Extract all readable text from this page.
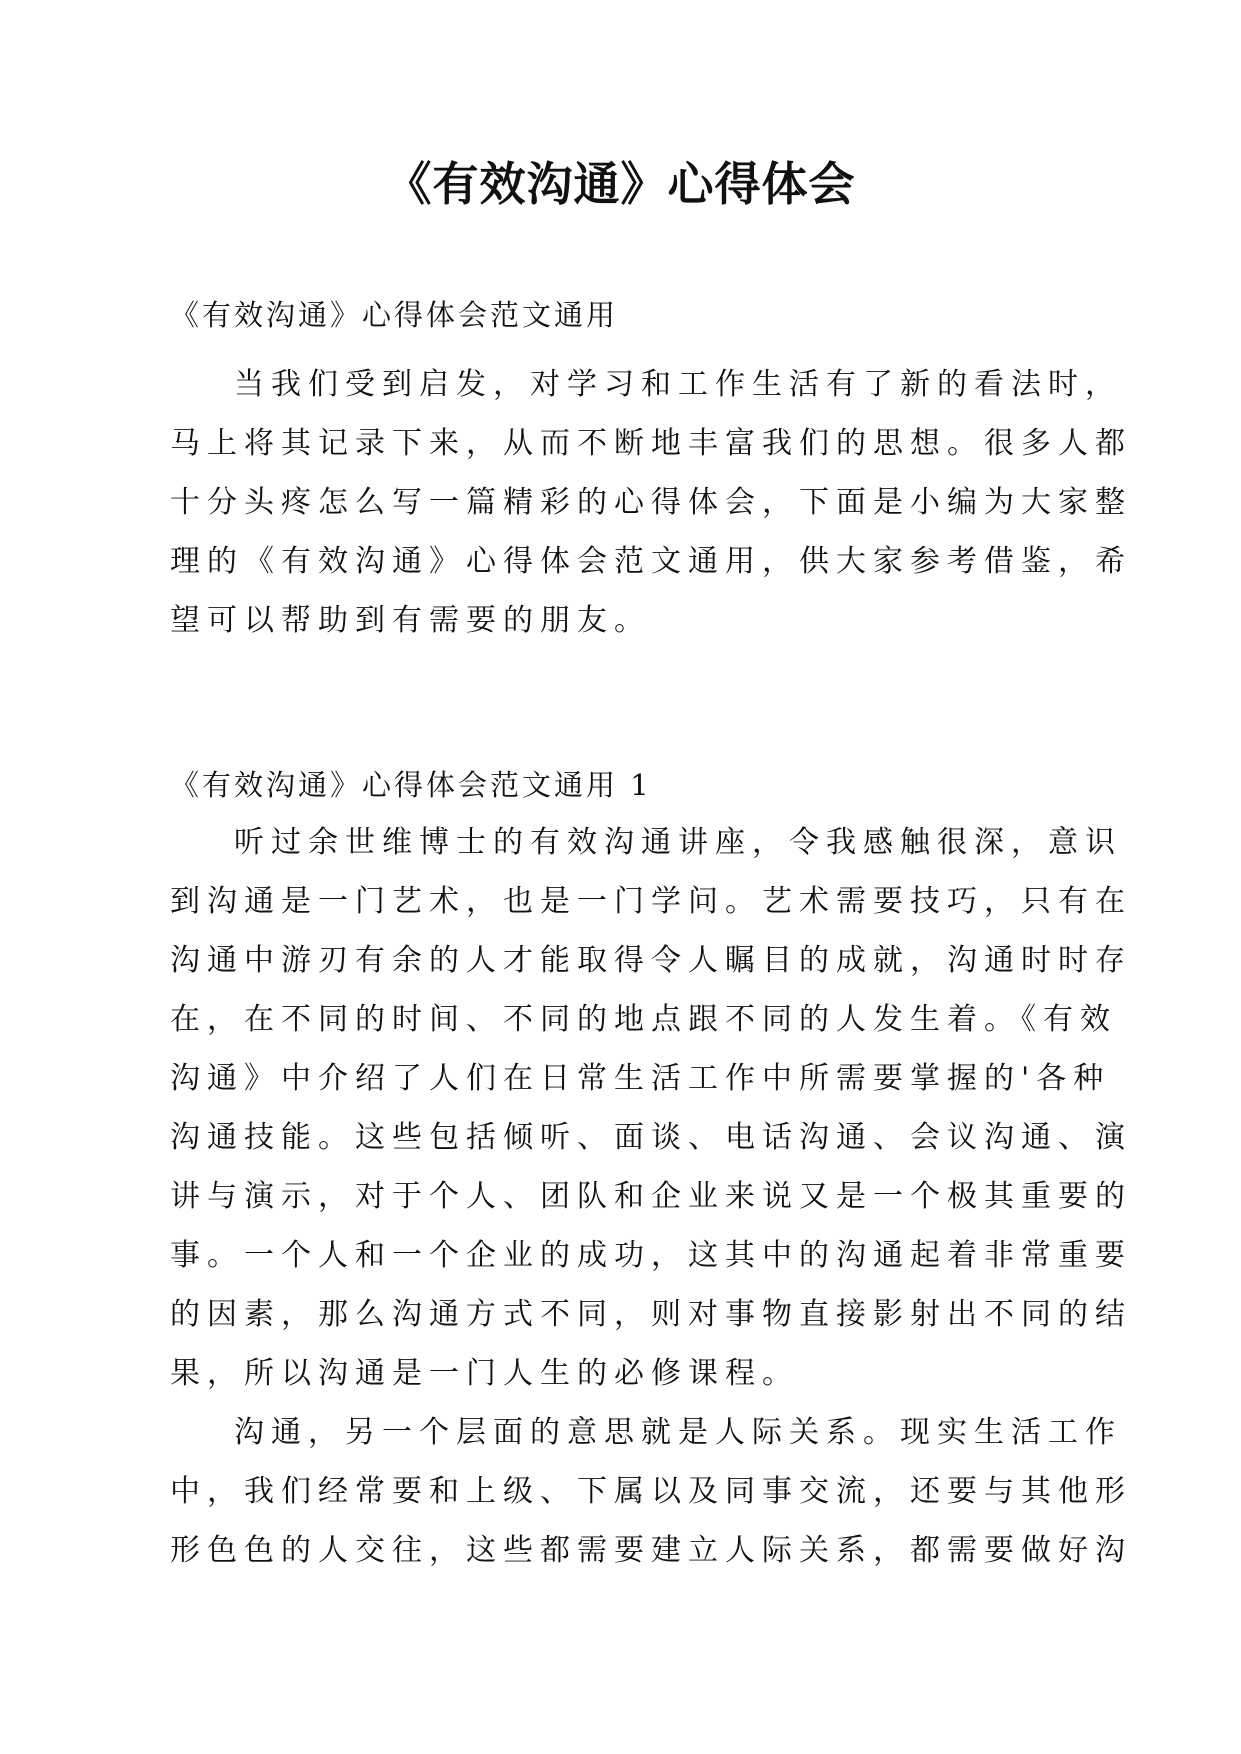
《有效沟通》心得体会
《有效沟通》心得体会范文通用
当我们受到启发，对学习和工作生活有了新的看法时，
马上将其记录下来，从而不断地丰富我们的思想。很多人都
十分头疼怎么写一篇精彩的心得体会，下面是小编为大家整
理的《有效沟通》心得体会范文通用，供大家参考借鉴，希
望可以帮助到有需要的朋友。
《有效沟通》心得体会范文通用 1
听过余世维博士的有效沟通讲座，令我感触很深，意识
到沟通是一门艺术，也是一门学问。艺术需要技巧，只有在
沟通中游刃有余的人才能取得令人瞩目的成就，沟通时时存
在，在不同的时间、不同的地点跟不同的人发生着。《有效
沟通》中介绍了人们在日常生活工作中所需要掌握的'各种
沟通技能。这些包括倾听、面谈、电话沟通、会议沟通、演
讲与演示，对于个人、团队和企业来说又是一个极其重要的
事。一个人和一个企业的成功，这其中的沟通起着非常重要
的因素，那么沟通方式不同，则对事物直接影射出不同的结
果，所以沟通是一门人生的必修课程。
沟通，另一个层面的意思就是人际关系。现实生活工作
中，我们经常要和上级、下属以及同事交流，还要与其他形
形色色的人交往，这些都需要建立人际关系，都需要做好沟
